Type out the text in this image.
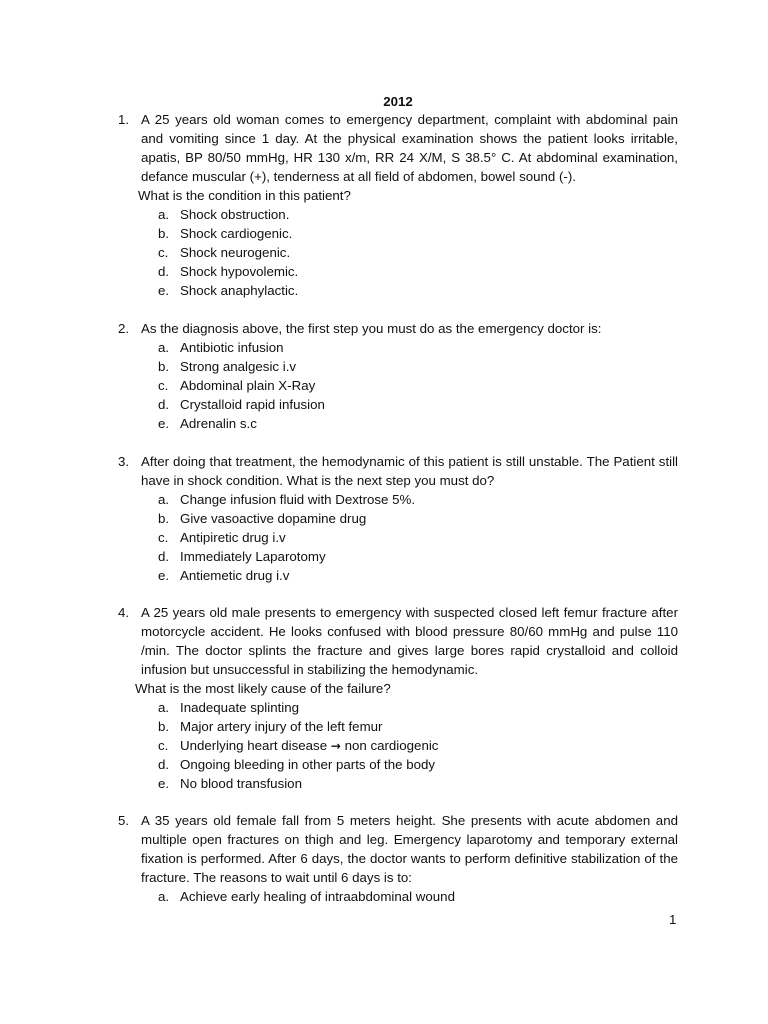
2012
1. A 25 years old woman comes to emergency department, complaint with abdominal pain and vomiting since 1 day. At the physical examination shows the patient looks irritable, apatis, BP 80/50 mmHg, HR 130 x/m, RR 24 X/M, S 38.5° C. At abdominal examination, defance muscular (+), tenderness at all field of abdomen, bowel sound (-).
What is the condition in this patient?
a. Shock obstruction.
b. Shock cardiogenic.
c. Shock neurogenic.
d. Shock hypovolemic.
e. Shock anaphylactic.
2. As the diagnosis above, the first step you must do as the emergency doctor is:
a. Antibiotic infusion
b. Strong analgesic i.v
c. Abdominal plain X-Ray
d. Crystalloid rapid infusion
e. Adrenalin s.c
3. After doing that treatment, the hemodynamic of this patient is still unstable. The Patient still have in shock condition. What is the next step you must do?
a. Change infusion fluid with Dextrose 5%.
b. Give vasoactive dopamine drug
c. Antipiretic drug i.v
d. Immediately Laparotomy
e. Antiemetic drug i.v
4. A 25 years old male presents to emergency with suspected closed left femur fracture after motorcycle accident. He looks confused with blood pressure 80/60 mmHg and pulse 110 /min. The doctor splints the fracture and gives large bores rapid crystalloid and colloid infusion but unsuccessful in stabilizing the hemodynamic.
What is the most likely cause of the failure?
a. Inadequate splinting
b. Major artery injury of the left femur
c. Underlying heart disease → non cardiogenic
d. Ongoing bleeding in other parts of the body
e. No blood transfusion
5. A 35 years old female fall from 5 meters height. She presents with acute abdomen and multiple open fractures on thigh and leg. Emergency laparotomy and temporary external fixation is performed. After 6 days, the doctor wants to perform definitive stabilization of the fracture. The reasons to wait until 6 days is to:
a. Achieve early healing of intraabdominal wound
1
